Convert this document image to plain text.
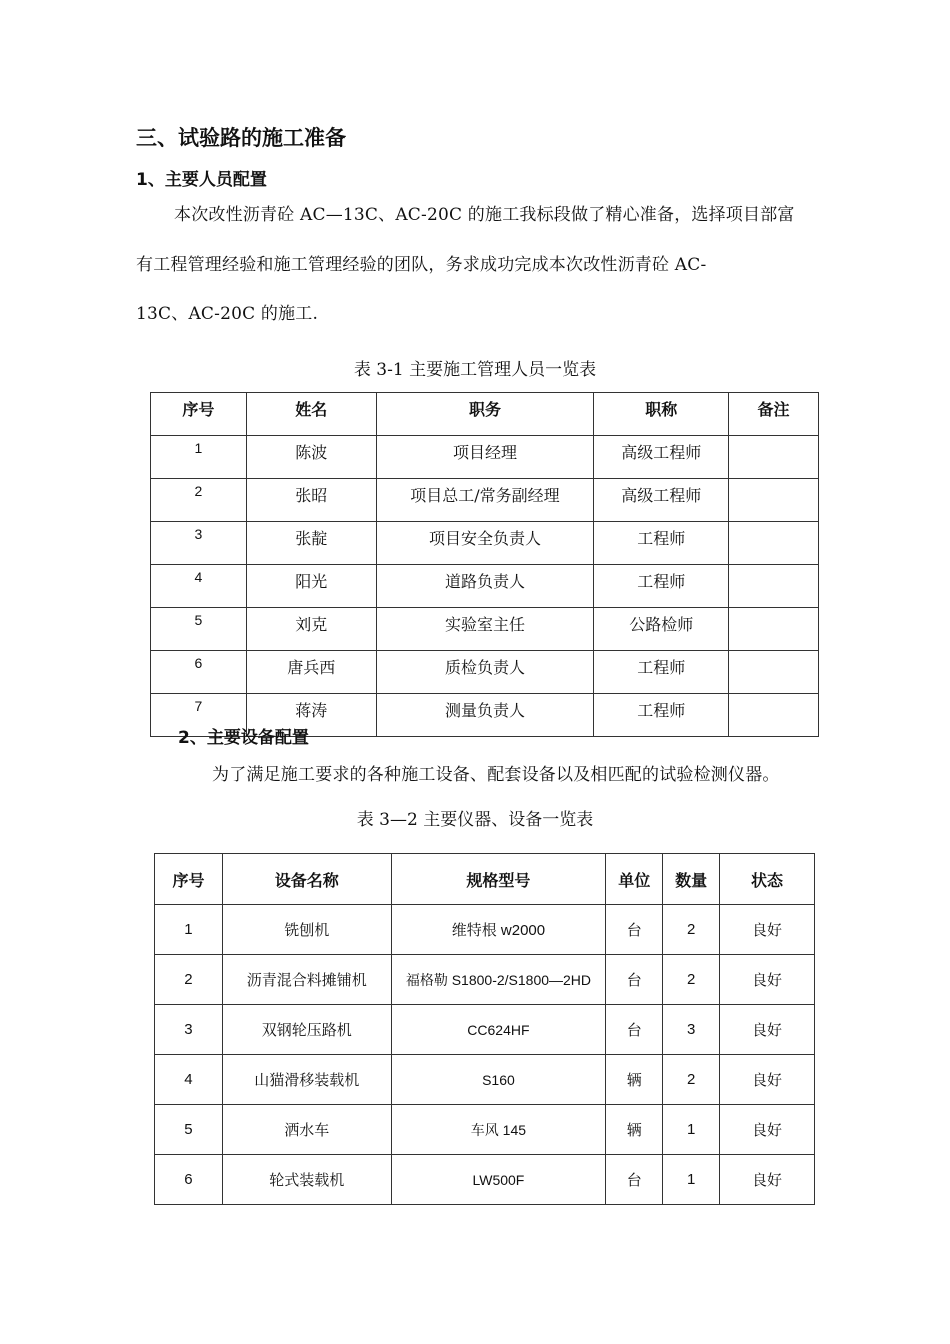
三、试验路的施工准备
1、主要人员配置
本次改性沥青砼 AC—13C、AC-20C 的施工我标段做了精心准备，选择项目部富
有工程管理经验和施工管理经验的团队，务求成功完成本次改性沥青砼 AC-
13C、AC-20C 的施工.
表 3-1 主要施工管理人员一览表
序号	姓名	职务	职称	备注
1	陈波	项目经理	高级工程师	
2	张昭	项目总工/常务副经理	高级工程师	
3	张靛	项目安全负责人	工程师	
4	阳光	道路负责人	工程师	
5	刘克	实验室主任	公路检师	
6	唐兵西	质检负责人	工程师	
7	蒋涛	测量负责人	工程师	
2、主要设备配置
为了满足施工要求的各种施工设备、配套设备以及相匹配的试验检测仪器。
表 3—2 主要仪器、设备一览表
序号	设备名称	规格型号	单位	数量	状态
1	铣刨机	维特根 w2000	台	2	良好
2	沥青混合料摊铺机	福格勒 S1800-2/S1800—2HD	台	2	良好
3	双钢轮压路机	CC624HF	台	3	良好
4	山猫滑移装载机	S160	辆	2	良好
5	洒水车	车风 145	辆	1	良好
6	轮式装载机	LW500F	台	1	良好
